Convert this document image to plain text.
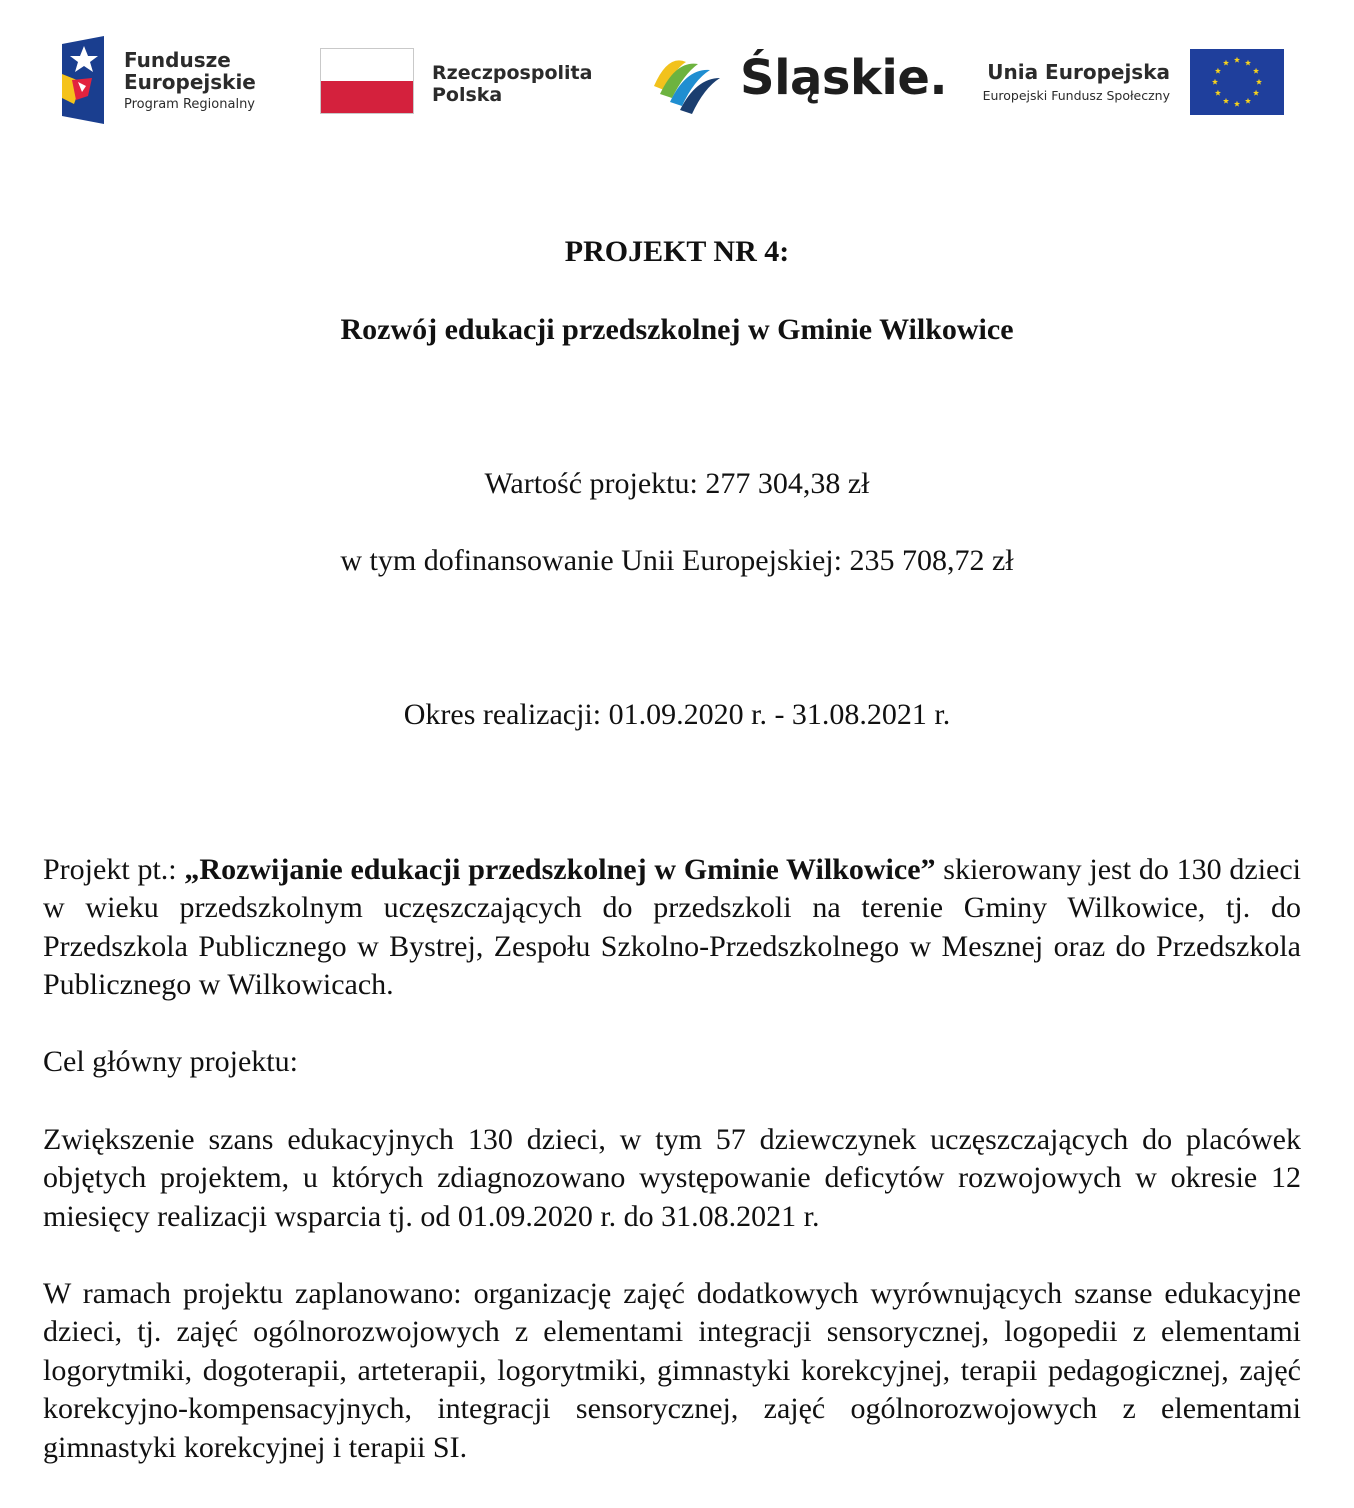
Fundusze
Europejskie
Program Regionalny
Rzeczpospolita
Polska	Śląskie. Unia Europejska
Europejski Fundusz Społeczny

PROJEKT NR 4:

Rozwój edukacji przedszkolnej w Gminie Wilkowice

Wartość projektu: 277 304,38 zł

w tym dofinansowanie Unii Europejskiej: 235 708,72 zł

Okres realizacji: 01.09.2020 r. - 31.08.2021 r.

Projekt pt.: „Rozwijanie edukacji przedszkolnej w Gminie Wilkowice” skierowany jest do 130 dzieci w wieku przedszkolnym uczęszczających do przedszkoli na terenie Gminy Wilkowice, tj. do Przedszkola Publicznego w Bystrej, Zespołu Szkolno-Przedszkolnego w Mesznej oraz do Przedszkola Publicznego w Wilkowicach.

Cel główny projektu:

Zwiększenie szans edukacyjnych 130 dzieci, w tym 57 dziewczynek uczęszczających do placówek objętych projektem, u których zdiagnozowano występowanie deficytów rozwojowych w okresie 12 miesięcy realizacji wsparcia tj. od 01.09.2020 r. do 31.08.2021 r.

W ramach projektu zaplanowano: organizację zajęć dodatkowych wyrównujących szanse edukacyjne dzieci, tj. zajęć ogólnorozwojowych z elementami integracji sensorycznej, logopedii z elementami logorytmiki, dogoterapii, arteterapii, logorytmiki, gimnastyki korekcyjnej, terapii pedagogicznej, zajęć korekcyjno-kompensacyjnych, integracji sensorycznej, zajęć ogólnorozwojowych z elementami gimnastyki korekcyjnej i terapii SI.
